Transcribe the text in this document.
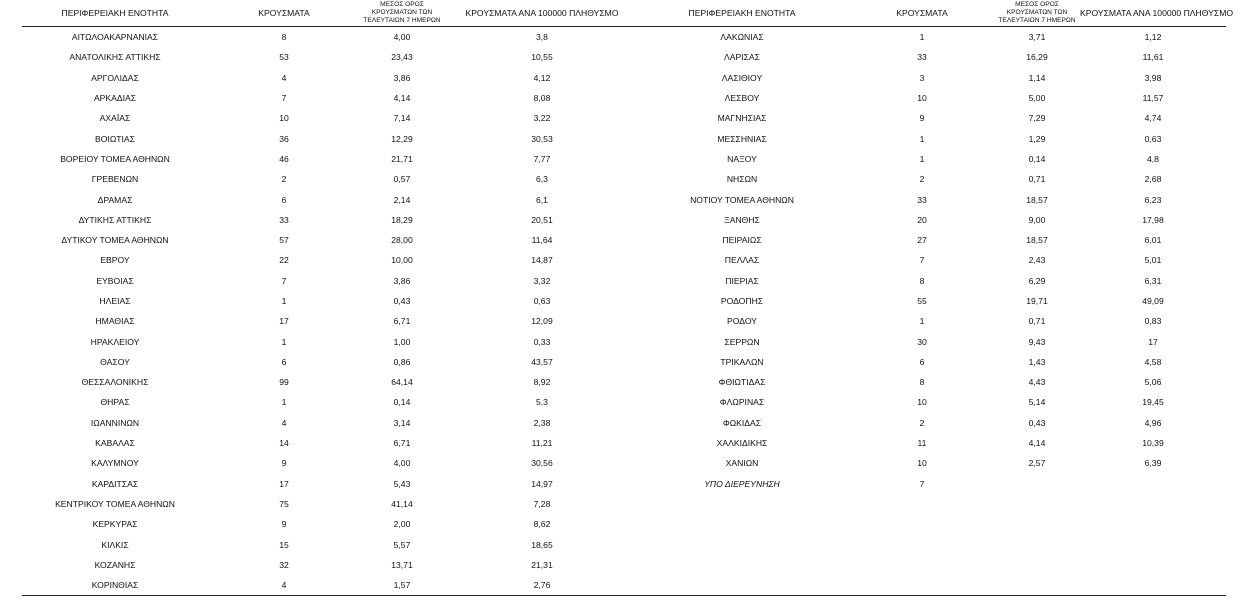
ΠΕΡΙΦΕΡΕΙΑΚΗ ΕΝΟΤΗΤΑ	ΚΡΟΥΣΜΑΤΑ	ΜΕΣΟΣ ΟΡΟΣ ΚΡΟΥΣΜΑΤΩΝ ΤΩΝ ΤΕΛΕΥΤΑΙΩΝ 7 ΗΜΕΡΩΝ	ΚΡΟΥΣΜΑΤΑ ΑΝΑ 100000 ΠΛΗΘΥΣΜΟ
ΑΙΤΩΛΟΑΚΑΡΝΑΝΙΑΣ	8	4,00	3,8
ΑΝΑΤΟΛΙΚΗΣ ΑΤΤΙΚΗΣ	53	23,43	10,55
ΑΡΓΟΛΙΔΑΣ	4	3,86	4,12
ΑΡΚΑΔΙΑΣ	7	4,14	8,08
ΑΧΑΪΑΣ	10	7,14	3,22
ΒΟΙΩΤΙΑΣ	36	12,29	30,53
ΒΟΡΕΙΟΥ ΤΟΜΕΑ ΑΘΗΝΩΝ	46	21,71	7,77
ΓΡΕΒΕΝΩΝ	2	0,57	6,3
ΔΡΑΜΑΣ	6	2,14	6,1
ΔΥΤΙΚΗΣ ΑΤΤΙΚΗΣ	33	18,29	20,51
ΔΥΤΙΚΟΥ ΤΟΜΕΑ ΑΘΗΝΩΝ	57	28,00	11,64
ΕΒΡΟΥ	22	10,00	14,87
ΕΥΒΟΙΑΣ	7	3,86	3,32
ΗΛΕΙΑΣ	1	0,43	0,63
ΗΜΑΘΙΑΣ	17	6,71	12,09
ΗΡΑΚΛΕΙΟΥ	1	1,00	0,33
ΘΑΣΟΥ	6	0,86	43,57
ΘΕΣΣΑΛΟΝΙΚΗΣ	99	64,14	8,92
ΘΗΡΑΣ	1	0,14	5,3
ΙΩΑΝΝΙΝΩΝ	4	3,14	2,38
ΚΑΒΑΛΑΣ	14	6,71	11,21
ΚΑΛΥΜΝΟΥ	9	4,00	30,56
ΚΑΡΔΙΤΣΑΣ	17	5,43	14,97
ΚΕΝΤΡΙΚΟΥ ΤΟΜΕΑ ΑΘΗΝΩΝ	75	41,14	7,28
ΚΕΡΚΥΡΑΣ	9	2,00	8,62
ΚΙΛΚΙΣ	15	5,57	18,65
ΚΟΖΑΝΗΣ	32	13,71	21,31
ΚΟΡΙΝΘΙΑΣ	4	1,57	2,76
ΠΕΡΙΦΕΡΕΙΑΚΗ ΕΝΟΤΗΤΑ	ΚΡΟΥΣΜΑΤΑ	ΜΕΣΟΣ ΟΡΟΣ ΚΡΟΥΣΜΑΤΩΝ ΤΩΝ ΤΕΛΕΥΤΑΙΩΝ 7 ΗΜΕΡΩΝ	ΚΡΟΥΣΜΑΤΑ ΑΝΑ 100000 ΠΛΗΘΥΣΜΟ
ΛΑΚΩΝΙΑΣ	1	3,71	1,12
ΛΑΡΙΣΑΣ	33	16,29	11,61
ΛΑΣΙΘΙΟΥ	3	1,14	3,98
ΛΕΣΒΟΥ	10	5,00	11,57
ΜΑΓΝΗΣΙΑΣ	9	7,29	4,74
ΜΕΣΣΗΝΙΑΣ	1	1,29	0,63
ΝΑΞΟΥ	1	0,14	4,8
ΝΗΣΩΝ	2	0,71	2,68
ΝΟΤΙΟΥ ΤΟΜΕΑ ΑΘΗΝΩΝ	33	18,57	6,23
ΞΑΝΘΗΣ	20	9,00	17,98
ΠΕΙΡΑΙΩΣ	27	18,57	6,01
ΠΕΛΛΑΣ	7	2,43	5,01
ΠΙΕΡΙΑΣ	8	6,29	6,31
ΡΟΔΟΠΗΣ	55	19,71	49,09
ΡΟΔΟΥ	1	0,71	0,83
ΣΕΡΡΩΝ	30	9,43	17
ΤΡΙΚΑΛΩΝ	6	1,43	4,58
ΦΘΙΩΤΙΔΑΣ	8	4,43	5,06
ΦΛΩΡΙΝΑΣ	10	5,14	19,45
ΦΩΚΙΔΑΣ	2	0,43	4,96
ΧΑΛΚΙΔΙΚΗΣ	11	4,14	10,39
ΧΑΝΙΩΝ	10	2,57	6,39
ΥΠΟ ΔΙΕΡΕΥΝΗΣΗ	7		
